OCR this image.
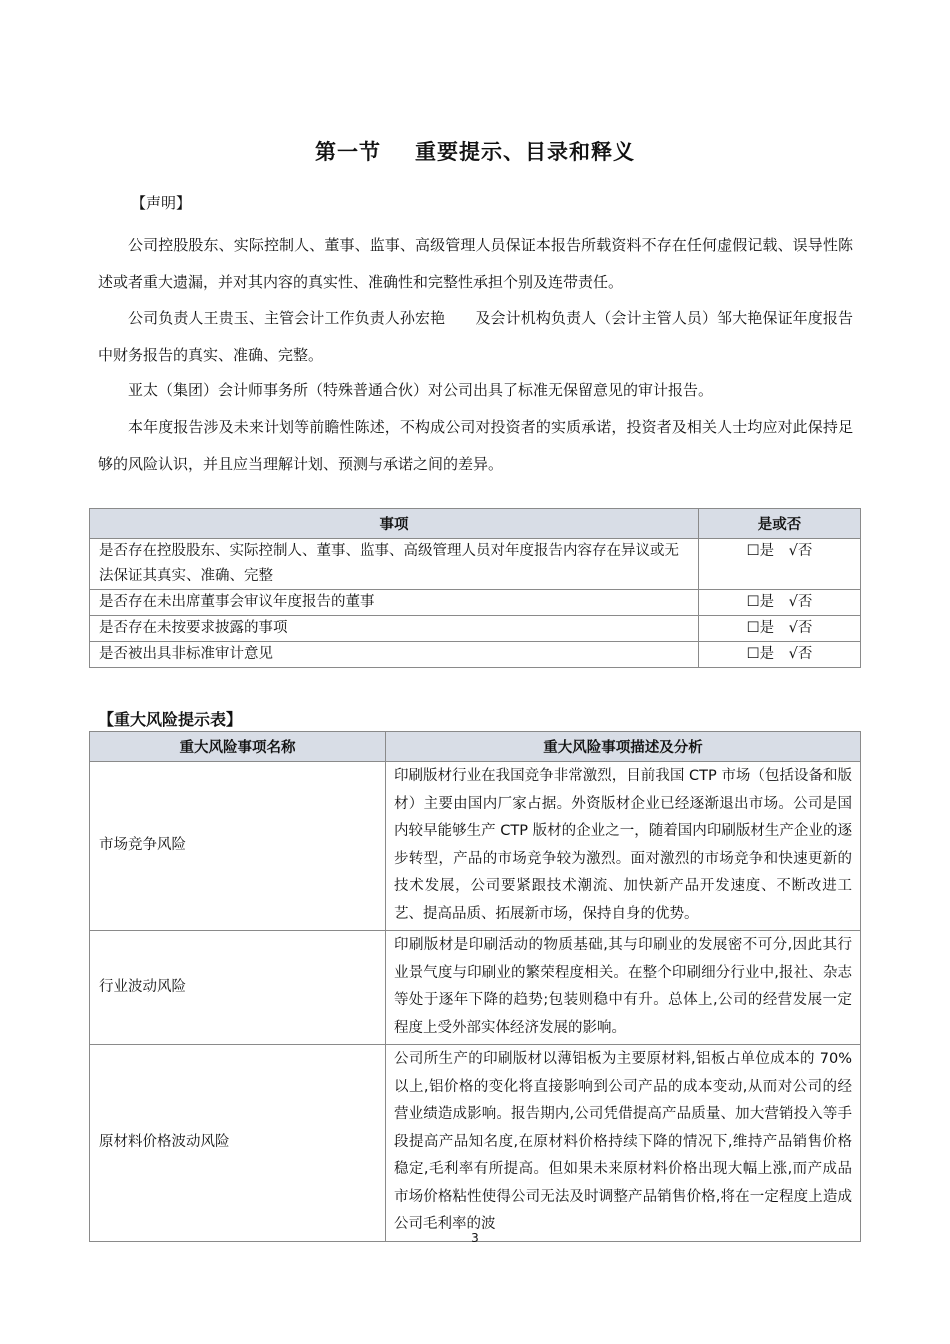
第一节 重要提示、目录和释义
【声明】

公司控股股东、实际控制人、董事、监事、高级管理人员保证本报告所载资料不存在任何虚假记载、误导性陈述或者重大遗漏，并对其内容的真实性、准确性和完整性承担个别及连带责任。

公司负责人王贵玉、主管会计工作负责人孙宏艳　　及会计机构负责人（会计主管人员）邹大艳保证年度报告中财务报告的真实、准确、完整。

亚太（集团）会计师事务所（特殊普通合伙）对公司出具了标准无保留意见的审计报告。

本年度报告涉及未来计划等前瞻性陈述，不构成公司对投资者的实质承诺，投资者及相关人士均应对此保持足够的风险认识，并且应当理解计划、预测与承诺之间的差异。

事项	是或否
是否存在控股股东、实际控制人、董事、监事、高级管理人员对年度报告内容存在异议或无法保证其真实、准确、完整	☐是　√否
是否存在未出席董事会审议年度报告的董事	☐是　√否
是否存在未按要求披露的事项	☐是　√否
是否被出具非标准审计意见	☐是　√否
【重大风险提示表】
重大风险事项名称	重大风险事项描述及分析
市场竞争风险	印刷版材行业在我国竞争非常激烈，目前我国 CTP 市场（包括设备和版材）主要由国内厂家占据。外资版材企业已经逐渐退出市场。公司是国内较早能够生产 CTP 版材的企业之一，随着国内印刷版材生产企业的逐步转型，产品的市场竞争较为激烈。面对激烈的市场竞争和快速更新的技术发展，公司要紧跟技术潮流、加快新产品开发速度、不断改进工艺、提高品质、拓展新市场，保持自身的优势。
行业波动风险	印刷版材是印刷活动的物质基础,其与印刷业的发展密不可分,因此其行业景气度与印刷业的繁荣程度相关。在整个印刷细分行业中,报社、杂志等处于逐年下降的趋势;包装则稳中有升。总体上,公司的经营发展一定程度上受外部实体经济发展的影响。
原材料价格波动风险	公司所生产的印刷版材以薄铝板为主要原材料,铝板占单位成本的 70%以上,铝价格的变化将直接影响到公司产品的成本变动,从而对公司的经营业绩造成影响。报告期内,公司凭借提高产品质量、加大营销投入等手段提高产品知名度,在原材料价格持续下降的情况下,维持产品销售价格稳定,毛利率有所提高。但如果未来原材料价格出现大幅上涨,而产成品市场价格粘性使得公司无法及时调整产品销售价格,将在一定程度上造成公司毛利率的波
3
